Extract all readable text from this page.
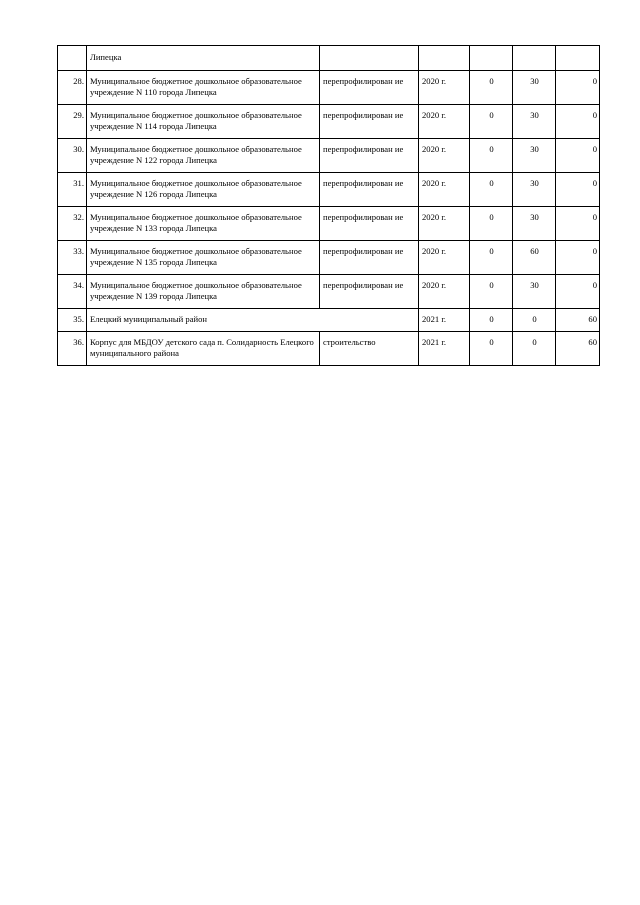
	Липецка					
28.	Муниципальное бюджетное дошкольное образовательное учреждение N 110 города Липецка	перепрофилирован ие	2020 г.	0	30	0
29.	Муниципальное бюджетное дошкольное образовательное учреждение N 114 города Липецка	перепрофилирован ие	2020 г.	0	30	0
30.	Муниципальное бюджетное дошкольное образовательное учреждение N 122 города Липецка	перепрофилирован ие	2020 г.	0	30	0
31.	Муниципальное бюджетное дошкольное образовательное учреждение N 126 города Липецка	перепрофилирован ие	2020 г.	0	30	0
32.	Муниципальное бюджетное дошкольное образовательное учреждение N 133 города Липецка	перепрофилирован ие	2020 г.	0	30	0
33.	Муниципальное бюджетное дошкольное образовательное учреждение N 135 города Липецка	перепрофилирован ие	2020 г.	0	60	0
34.	Муниципальное бюджетное дошкольное образовательное учреждение N 139 города Липецка	перепрофилирован ие	2020 г.	0	30	0
35.	Елецкий муниципальный район		2021 г.	0	0	60
36.	Корпус для МБДОУ детского сада п. Солидарность Елецкого муниципального района	строительство	2021 г.	0	0	60
